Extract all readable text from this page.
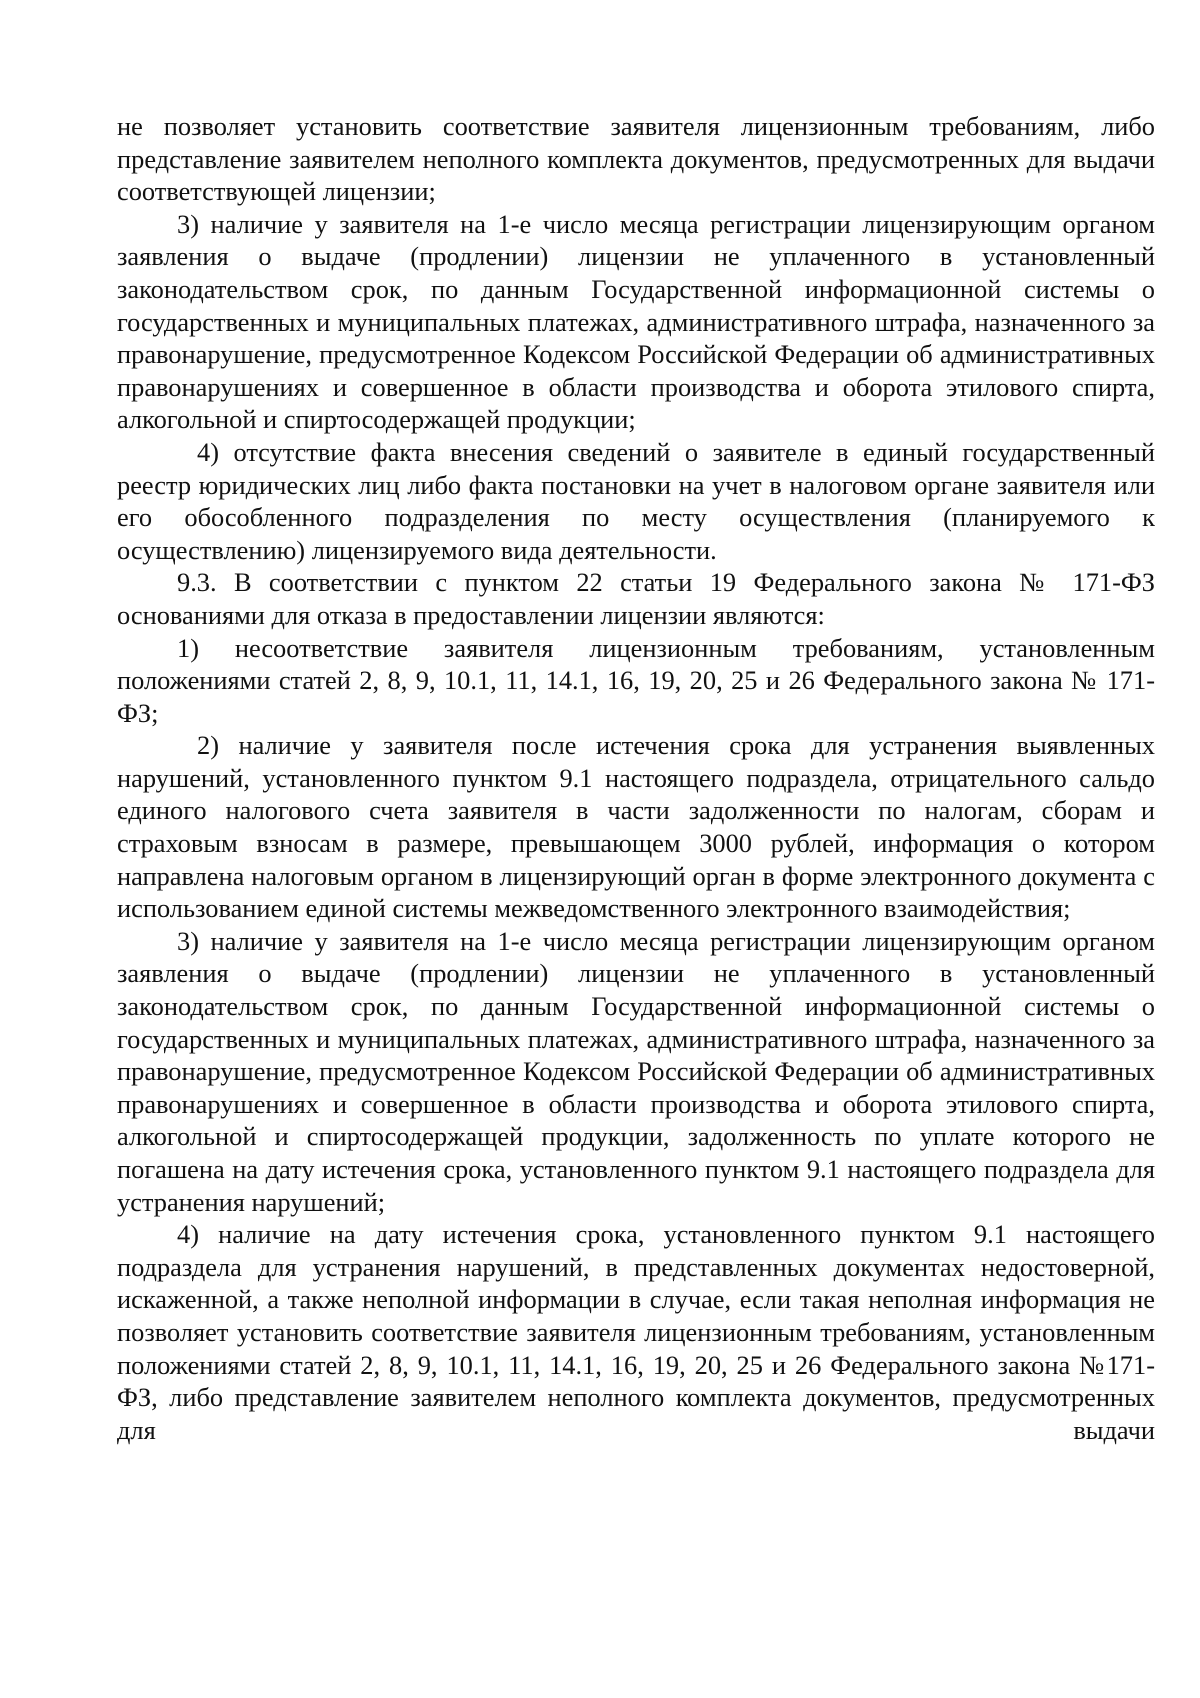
не позволяет установить соответствие заявителя лицензионным требованиям, либо представление заявителем неполного комплекта документов, предусмотренных для выдачи соответствующей лицензии;

3) наличие у заявителя на 1-е число месяца регистрации лицензирующим органом заявления о выдаче (продлении) лицензии не уплаченного в установленный законодательством срок, по данным Государственной информационной системы о государственных и муниципальных платежах, административного штрафа, назначенного за правонарушение, предусмотренное Кодексом Российской Федерации об административных правонарушениях и совершенное в области производства и оборота этилового спирта, алкогольной и спиртосодержащей продукции;

4) отсутствие факта внесения сведений о заявителе в единый государственный реестр юридических лиц либо факта постановки на учет в налоговом органе заявителя или его обособленного подразделения по месту осуществления (планируемого к осуществлению) лицензируемого вида деятельности.

9.3. В соответствии с пунктом 22 статьи 19 Федерального закона № 171-ФЗ основаниями для отказа в предоставлении лицензии являются:

1) несоответствие заявителя лицензионным требованиям, установленным положениями статей 2, 8, 9, 10.1, 11, 14.1, 16, 19, 20, 25 и 26 Федерального закона № 171-ФЗ;

2) наличие у заявителя после истечения срока для устранения выявленных нарушений, установленного пунктом 9.1 настоящего подраздела, отрицательного сальдо единого налогового счета заявителя в части задолженности по налогам, сборам и страховым взносам в размере, превышающем 3000 рублей, информация о котором направлена налоговым органом в лицензирующий орган в форме электронного документа с использованием единой системы межведомственного электронного взаимодействия;

3) наличие у заявителя на 1-е число месяца регистрации лицензирующим органом заявления о выдаче (продлении) лицензии не уплаченного в установленный законодательством срок, по данным Государственной информационной системы о государственных и муниципальных платежах, административного штрафа, назначенного за правонарушение, предусмотренное Кодексом Российской Федерации об административных правонарушениях и совершенное в области производства и оборота этилового спирта, алкогольной и спиртосодержащей продукции, задолженность по уплате которого не погашена на дату истечения срока, установленного пунктом 9.1 настоящего подраздела для устранения нарушений;

4) наличие на дату истечения срока, установленного пунктом 9.1 настоящего подраздела для устранения нарушений, в представленных документах недостоверной, искаженной, а также неполной информации в случае, если такая неполная информация не позволяет установить соответствие заявителя лицензионным требованиям, установленным положениями статей 2, 8, 9, 10.1, 11, 14.1, 16, 19, 20, 25 и 26 Федерального закона №171-ФЗ, либо представление заявителем неполного комплекта документов, предусмотренных для выдачи
